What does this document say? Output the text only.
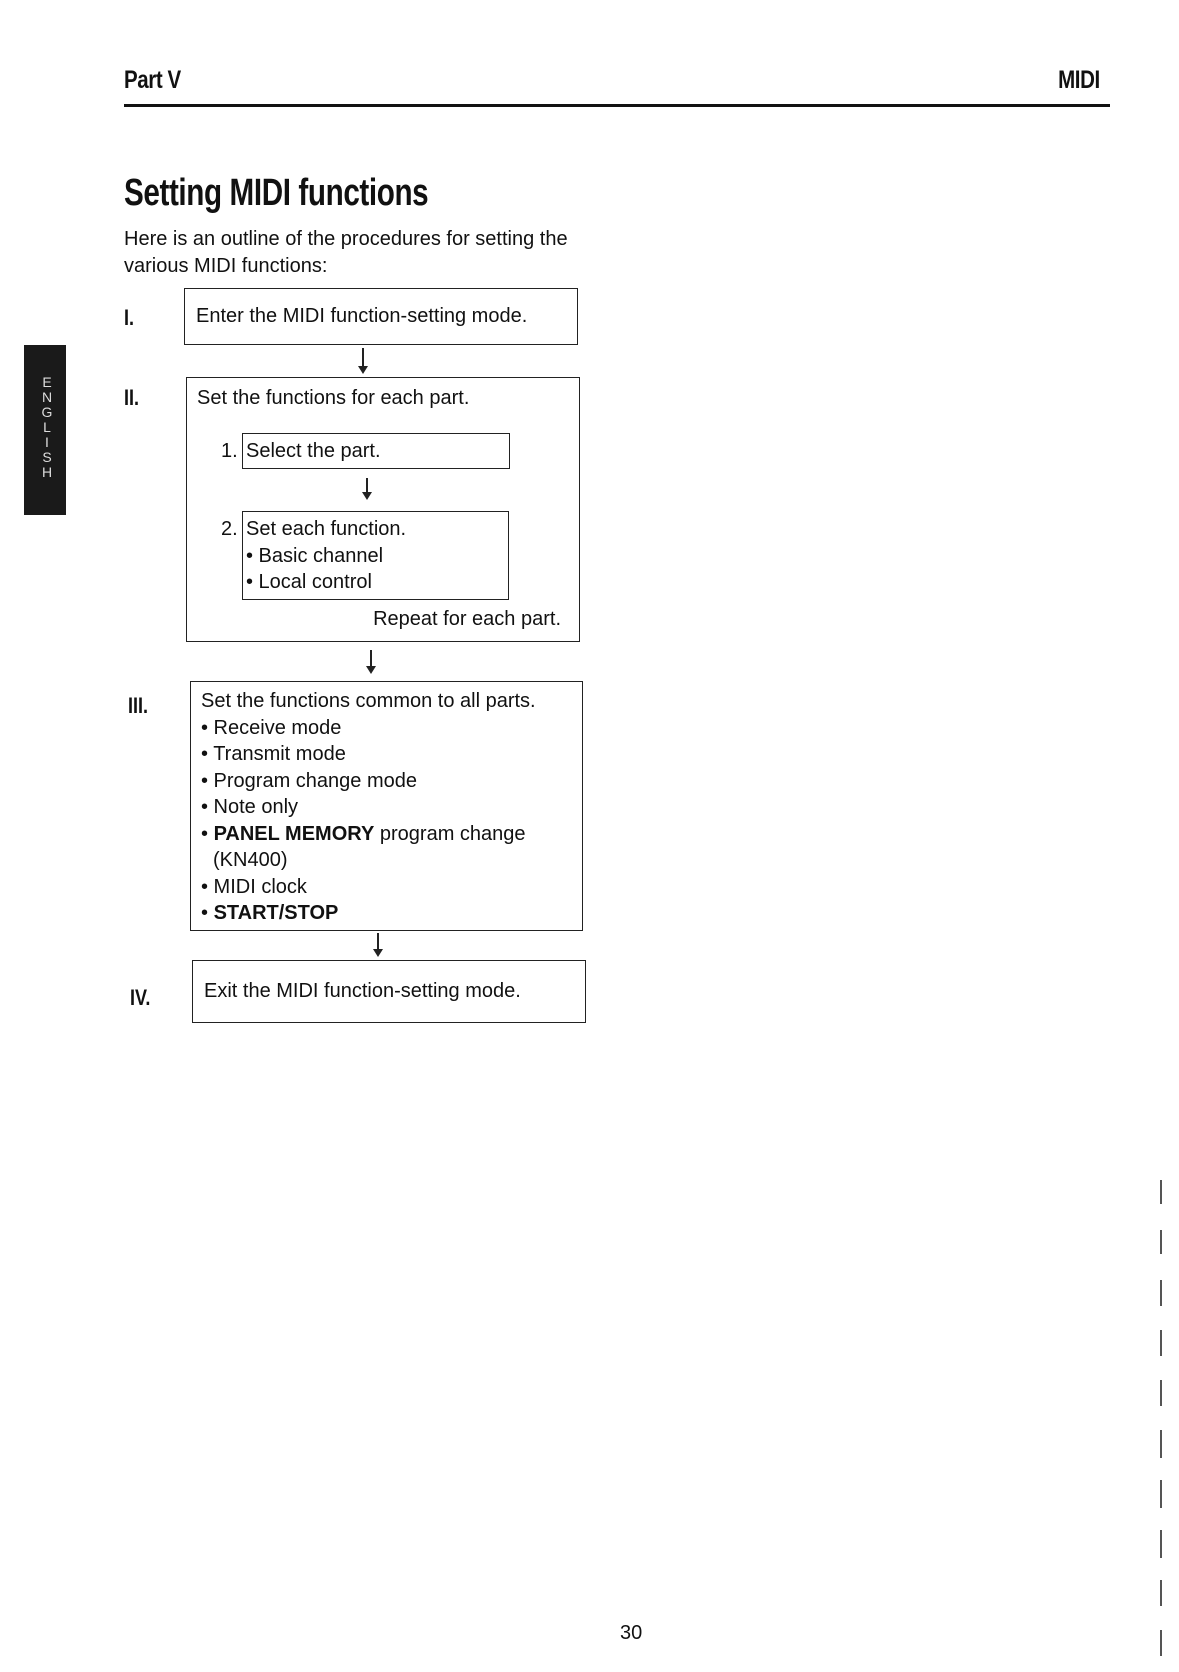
Part V	MIDI
E
N
G
L
I
S
H
Setting MIDI functions
Here is an outline of the procedures for setting the various MIDI functions:
I.	Enter the MIDI function-setting mode.
II.	Set the functions for each part.
1. Select the part.
2. Set each function.
• Basic channel
• Local control
Repeat for each part.
III.	Set the functions common to all parts.
• Receive mode
• Transmit mode
• Program change mode
• Note only
• PANEL MEMORY program change
(KN400)
• MIDI clock
• START/STOP
IV.	Exit the MIDI function-setting mode.
30
